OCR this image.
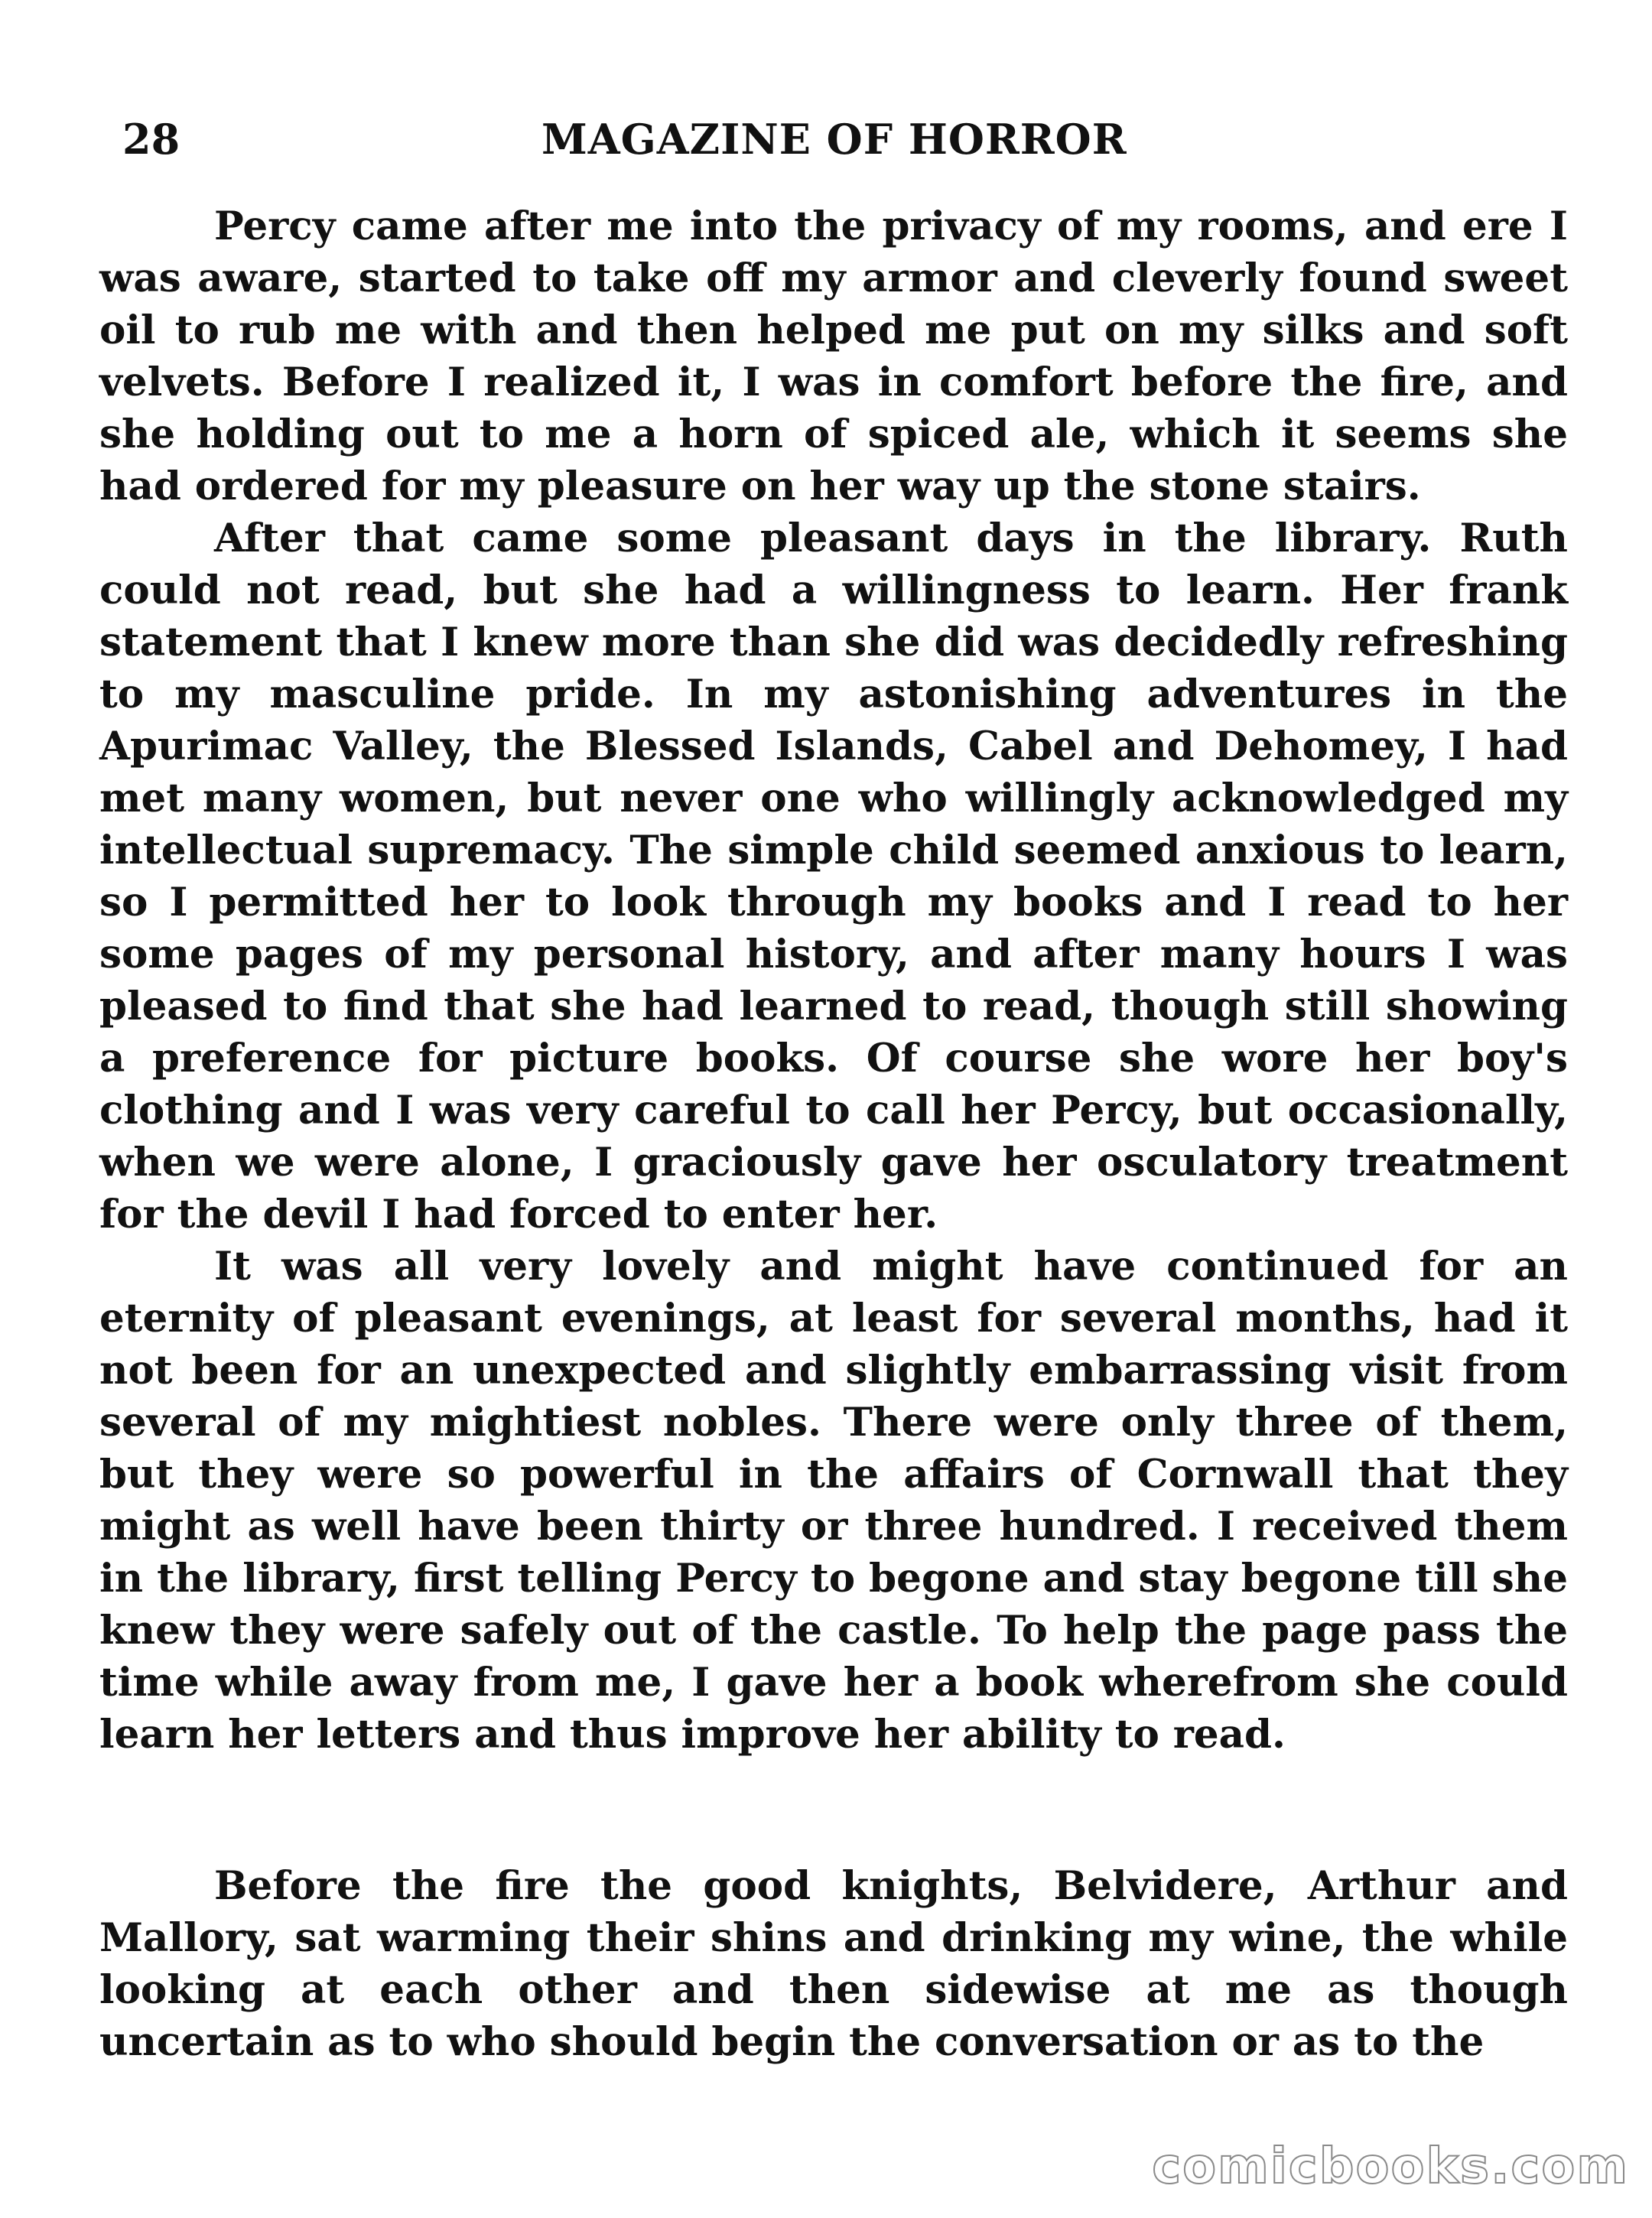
28	MAGAZINE OF HORROR

Percy came after me into the privacy of my rooms, and ere I was aware, started to take off my armor and cleverly found sweet oil to rub me with and then helped me put on my silks and soft velvets. Before I realized it, I was in comfort before the fire, and she holding out to me a horn of spiced ale, which it seems she had ordered for my pleasure on her way up the stone stairs.

After that came some pleasant days in the library. Ruth could not read, but she had a willingness to learn. Her frank statement that I knew more than she did was decidedly refreshing to my masculine pride. In my astonishing adventures in the Apurimac Valley, the Blessed Islands, Cabel and Dehomey, I had met many women, but never one who willingly acknowledged my intellectual supremacy. The simple child seemed anxious to learn, so I permitted her to look through my books and I read to her some pages of my personal history, and after many hours I was pleased to find that she had learned to read, though still showing a preference for picture books. Of course she wore her boy's clothing and I was very careful to call her Percy, but occasionally, when we were alone, I graciously gave her osculatory treatment for the devil I had forced to enter her.

It was all very lovely and might have continued for an eternity of pleasant evenings, at least for several months, had it not been for an unexpected and slightly embarrassing visit from several of my mightiest nobles. There were only three of them, but they were so powerful in the affairs of Cornwall that they might as well have been thirty or three hundred. I received them in the library, first telling Percy to begone and stay begone till she knew they were safely out of the castle. To help the page pass the time while away from me, I gave her a book wherefrom she could learn her letters and thus improve her ability to read.

Before the fire the good knights, Belvidere, Arthur and Mallory, sat warming their shins and drinking my wine, the while looking at each other and then sidewise at me as though uncertain as to who should begin the conversation or as to the

comicbooks.com
